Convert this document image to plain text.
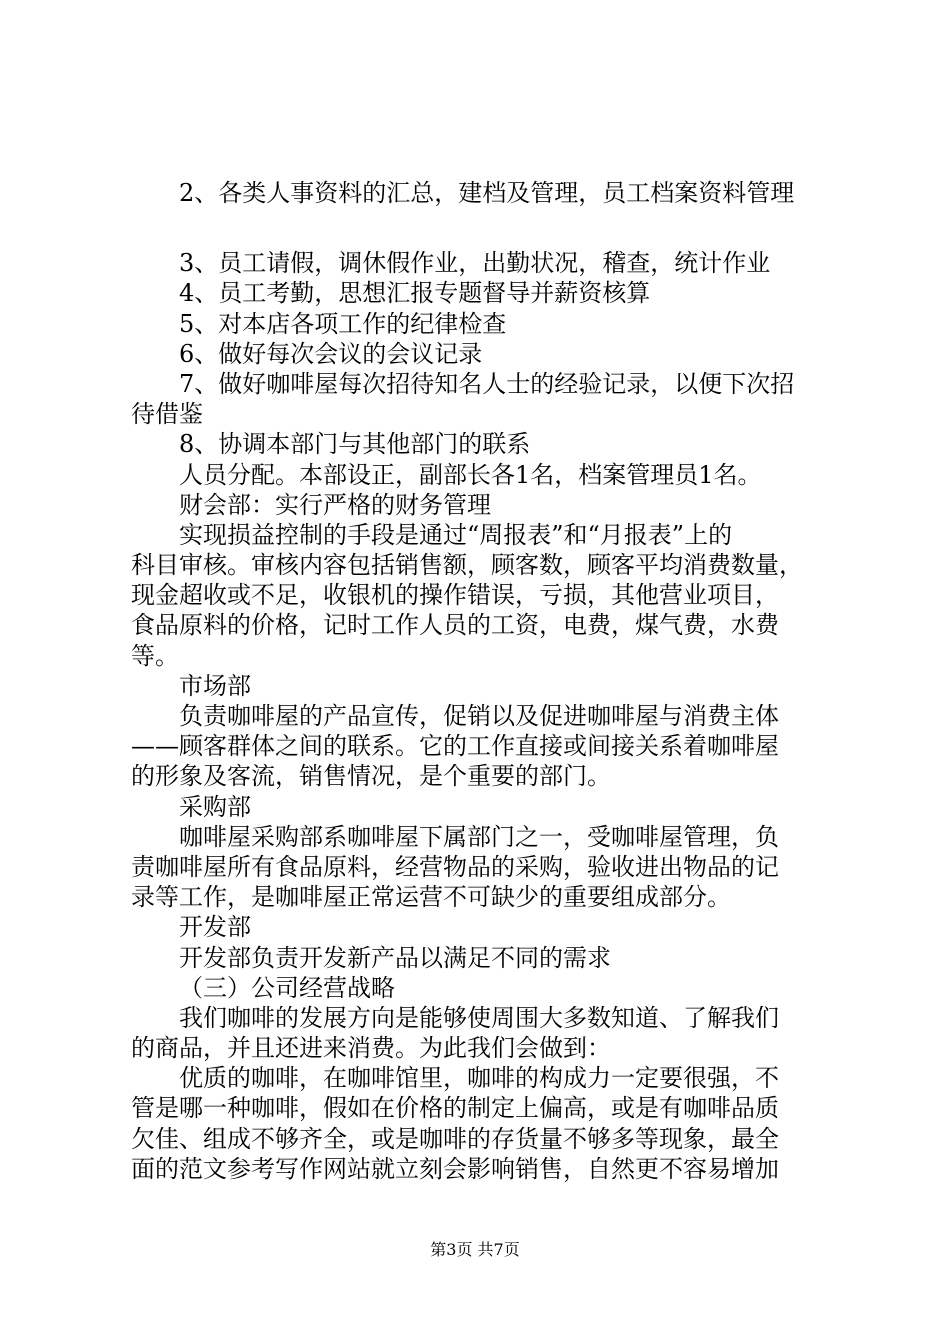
2、各类人事资料的汇总，建档及管理，员工档案资料管理
3、员工请假，调休假作业，出勤状况，稽查，统计作业
4、员工考勤，思想汇报专题督导并薪资核算
5、对本店各项工作的纪律检查
6、做好每次会议的会议记录
7、做好咖啡屋每次招待知名人士的经验记录，以便下次招
待借鉴
8、协调本部门与其他部门的联系
人员分配。本部设正，副部长各1名，档案管理员1名。
财会部：实行严格的财务管理
实现损益控制的手段是通过“周报表”和“月报表”上的
科目审核。审核内容包括销售额，顾客数，顾客平均消费数量，
现金超收或不足，收银机的操作错误，亏损，其他营业项目，
食品原料的价格，记时工作人员的工资，电费，煤气费，水费
等。
市场部
负责咖啡屋的产品宣传，促销以及促进咖啡屋与消费主体
——顾客群体之间的联系。它的工作直接或间接关系着咖啡屋
的形象及客流，销售情况，是个重要的部门。
采购部
咖啡屋采购部系咖啡屋下属部门之一，受咖啡屋管理，负
责咖啡屋所有食品原料，经营物品的采购，验收进出物品的记
录等工作，是咖啡屋正常运营不可缺少的重要组成部分。
开发部
开发部负责开发新产品以满足不同的需求
（三）公司经营战略
我们咖啡的发展方向是能够使周围大多数知道、了解我们
的商品，并且还进来消费。为此我们会做到：
优质的咖啡，在咖啡馆里，咖啡的构成力一定要很强，不
管是哪一种咖啡，假如在价格的制定上偏高，或是有咖啡品质
欠佳、组成不够齐全，或是咖啡的存货量不够多等现象，最全
面的范文参考写作网站就立刻会影响销售，自然更不容易增加
第3页 共7页
